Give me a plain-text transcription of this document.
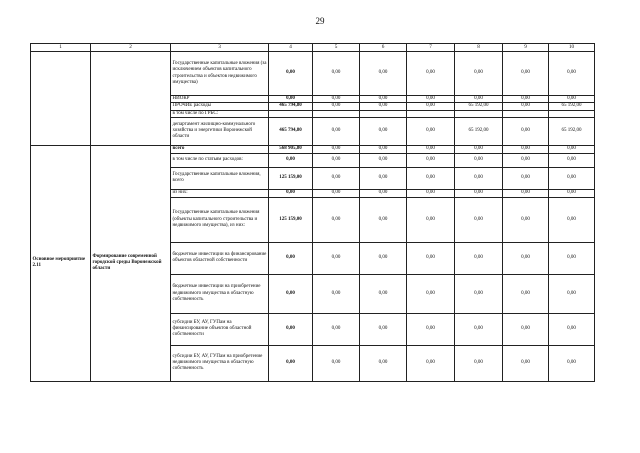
29
1	2	3	4	5	6	7	8	9	10
		Государственные капитальные вложения (за исключением объектов капитального строительства и объектов недвижимого имущества)	0,00	0,00	0,00	0,00	0,00	0,00	0,00
		НИОКР	0,00	0,00	0,00	0,00	0,00	0,00	0,00
		ПРОЧИЕ расходы	465 794,80	0,00	0,00	0,00	65 192,00	0,00	65 192,00
		в том числе по ГРБС:							
		департамент жилищно-коммунального хозяйства и энергетики Воронежской области	465 794,80	0,00	0,00	0,00	65 192,00	0,00	65 192,00
Основное мероприятие 2.11	Формирование современной городской среды Воронежской области	всего	568 905,80	0,00	0,00	0,00	0,00	0,00	0,00
		в том числе по статьям расходов:	0,00	0,00	0,00	0,00	0,00	0,00	0,00
		Государственные капитальные вложения, всего	125 159,00	0,00	0,00	0,00	0,00	0,00	0,00
		из них:	0,00	0,00	0,00	0,00	0,00	0,00	0,00
		Государственные капитальные вложения (объекты капитального строительства и недвижимого имущества), из них:	125 159,00	0,00	0,00	0,00	0,00	0,00	0,00
		бюджетные инвестиции на финансирование объектов областной собственности	0,00	0,00	0,00	0,00	0,00	0,00	0,00
		бюджетные инвестиции на приобретение недвижимого имущества в областную собственность	0,00	0,00	0,00	0,00	0,00	0,00	0,00
		субсидии БУ, АУ, ГУПам на финансирование объектов областной собственности	0,00	0,00	0,00	0,00	0,00	0,00	0,00
		субсидии БУ, АУ, ГУПам на приобретение недвижимого имущества в областную собственность	0,00	0,00	0,00	0,00	0,00	0,00	0,00
